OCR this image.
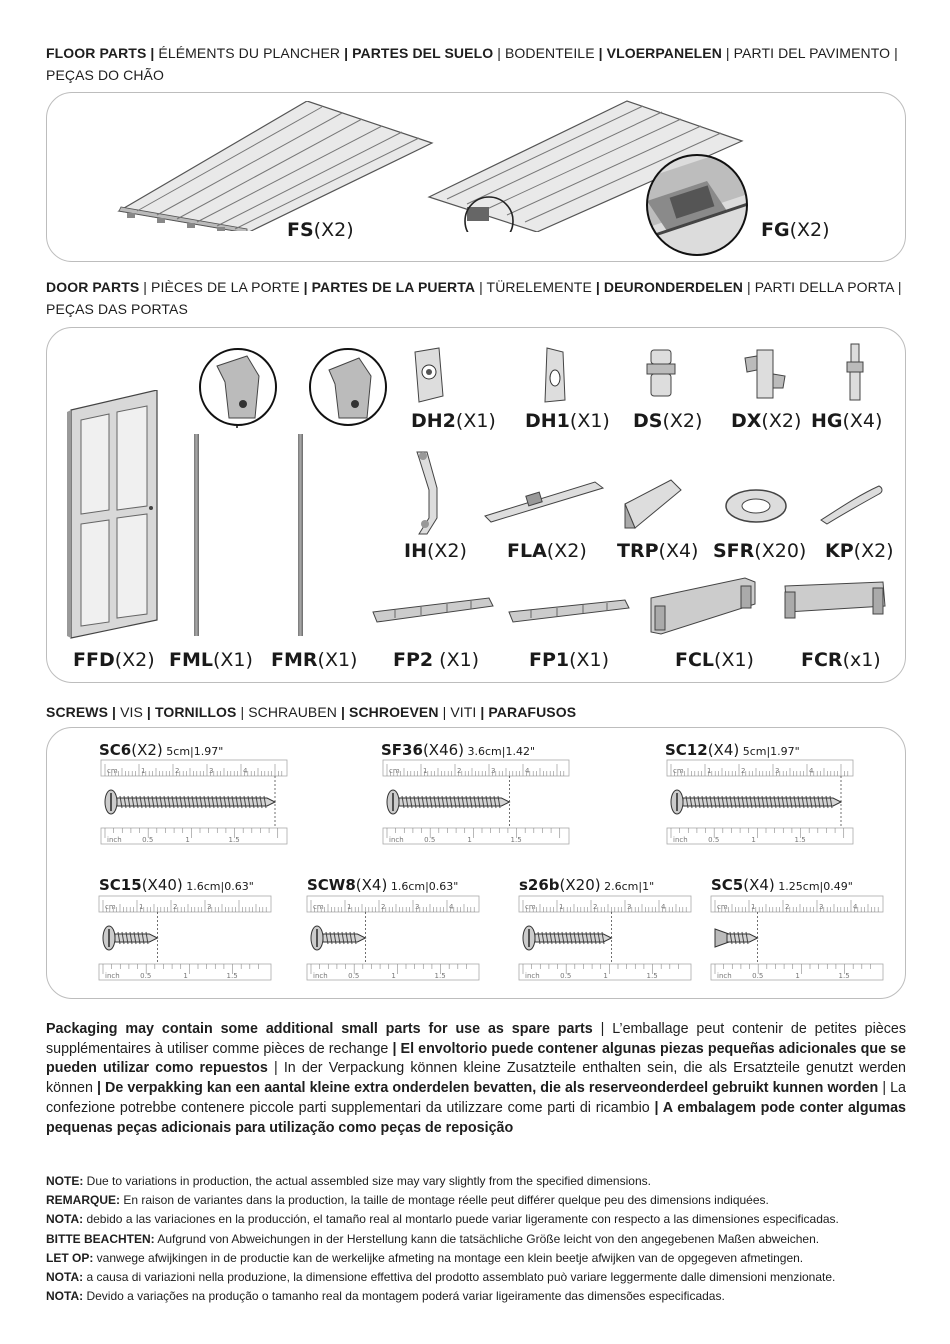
FLOOR PARTS | ÉLÉMENTS DU PLANCHER | PARTES DEL SUELO | BODENTEILE | VLOERPANELEN | PARTI DEL PAVIMENTO | PEÇAS DO CHÃO
FS(X2)	FG(X2)
DOOR PARTS | PIÈCES DE LA PORTE | PARTES DE LA PUERTA | TÜRELEMENTE | DEURONDERDELEN | PARTI DELLA PORTA | PEÇAS DAS PORTAS
DH2(X1) DH1(X1) DS(X2) DX(X2) HG(X4)
IH(X2) FLA(X2) TRP(X4) SFR(X20) KP(X2)
FFD(X2) FML(X1) FMR(X1) FP2 (X1)	FP1(X1)	FCL(X1) FCR(x1)
SCREWS | VIS | TORNILLOS | SCHRAUBEN | SCHROEVEN | VITI | PARAFUSOS
SC6(X2) 5cm|1.97"	SF36(X46) 3.6cm|1.42"	SC12(X4) 5cm|1.97"
SC15(X40) 1.6cm|0.63"	SCW8(X4) 1.6cm|0.63"	s26b(X20) 2.6cm|1"	SC5(X4) 1.25cm|0.49"
cm	1	2	3	4
inch	0.5	1	1.5
cm	1	2	3	4
inch	0.5	1	1.5
cm	1	2	3	4
inch	0.5	1	1.5
cm	1	2	3
inch	0.5	1	1.5
cm	1	2	3	4
inch	0.5	1	1.5
cm	1	2	3	4
inch	0.5	1	1.5
cm	1	2	3	4
inch	0.5	1	1.5
Packaging may contain some additional small parts for use as spare parts | L’emballage peut contenir de petites pièces supplémentaires à utiliser comme pièces de rechange | El envoltorio puede contener algunas piezas pequeñas adicionales que se pueden utilizar como repuestos | In der Verpackung können kleine Zusatzteile enthalten sein, die als Ersatzteile genutzt werden können | De verpakking kan een aantal kleine extra onderdelen bevatten, die als reserveonderdeel gebruikt kunnen worden | La confezione potrebbe contenere piccole parti supplementari da utilizzare come parti di ricambio | A embalagem pode conter algumas pequenas peças adicionais para utilização como peças de reposição
NOTE: Due to variations in production, the actual assembled size may vary slightly from the specified dimensions.
REMARQUE: En raison de variantes dans la production, la taille de montage réelle peut différer quelque peu des dimensions indiquées.
NOTA: debido a las variaciones en la producción, el tamaño real al montarlo puede variar ligeramente con respecto a las dimensiones especificadas.
BITTE BEACHTEN: Aufgrund von Abweichungen in der Herstellung kann die tatsächliche Größe leicht von den angegebenen Maßen abweichen.
LET OP: vanwege afwijkingen in de productie kan de werkelijke afmeting na montage een klein beetje afwijken van de opgegeven afmetingen.
NOTA: a causa di variazioni nella produzione, la dimensione effettiva del prodotto assemblato può variare leggermente dalle dimensioni menzionate.
NOTA: Devido a variações na produção o tamanho real da montagem poderá variar ligeiramente das dimensões especificadas.
